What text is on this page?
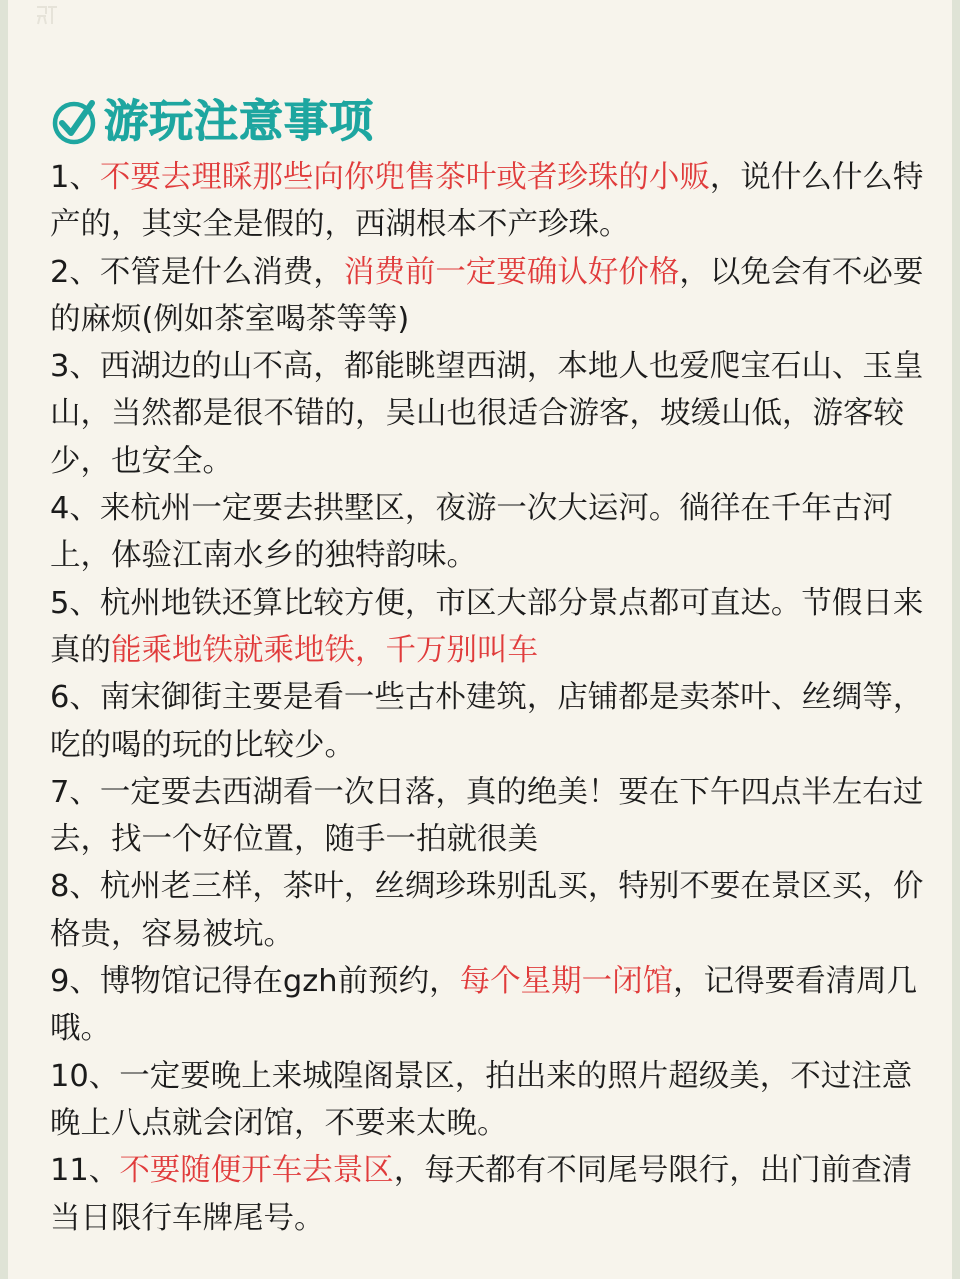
游玩注意事项

1、不要去理睬那些向你兜售茶叶或者珍珠的小贩，说什么什么特产的，其实全是假的，西湖根本不产珍珠。

2、不管是什么消费，消费前一定要确认好价格，以免会有不必要的麻烦(例如茶室喝茶等等)

3、西湖边的山不高，都能眺望西湖，本地人也爱爬宝石山、玉皇山，当然都是很不错的，吴山也很适合游客，坡缓山低，游客较少，也安全。

4、来杭州一定要去拱墅区，夜游一次大运河。徜徉在千年古河上，体验江南水乡的独特韵味。

5、杭州地铁还算比较方便，市区大部分景点都可直达。节假日来真的能乘地铁就乘地铁，千万别叫车

6、南宋御街主要是看一些古朴建筑，店铺都是卖茶叶、丝绸等，吃的喝的玩的比较少。

7、一定要去西湖看一次日落，真的绝美！要在下午四点半左右过去，找一个好位置，随手一拍就很美

8、杭州老三样，茶叶，丝绸珍珠别乱买，特别不要在景区买，价格贵，容易被坑。

9、博物馆记得在gzh前预约，每个星期一闭馆，记得要看清周几哦。

10、一定要晚上来城隍阁景区，拍出来的照片超级美，不过注意晚上八点就会闭馆，不要来太晚。

11、不要随便开车去景区，每天都有不同尾号限行，出门前查清当日限行车牌尾号。
